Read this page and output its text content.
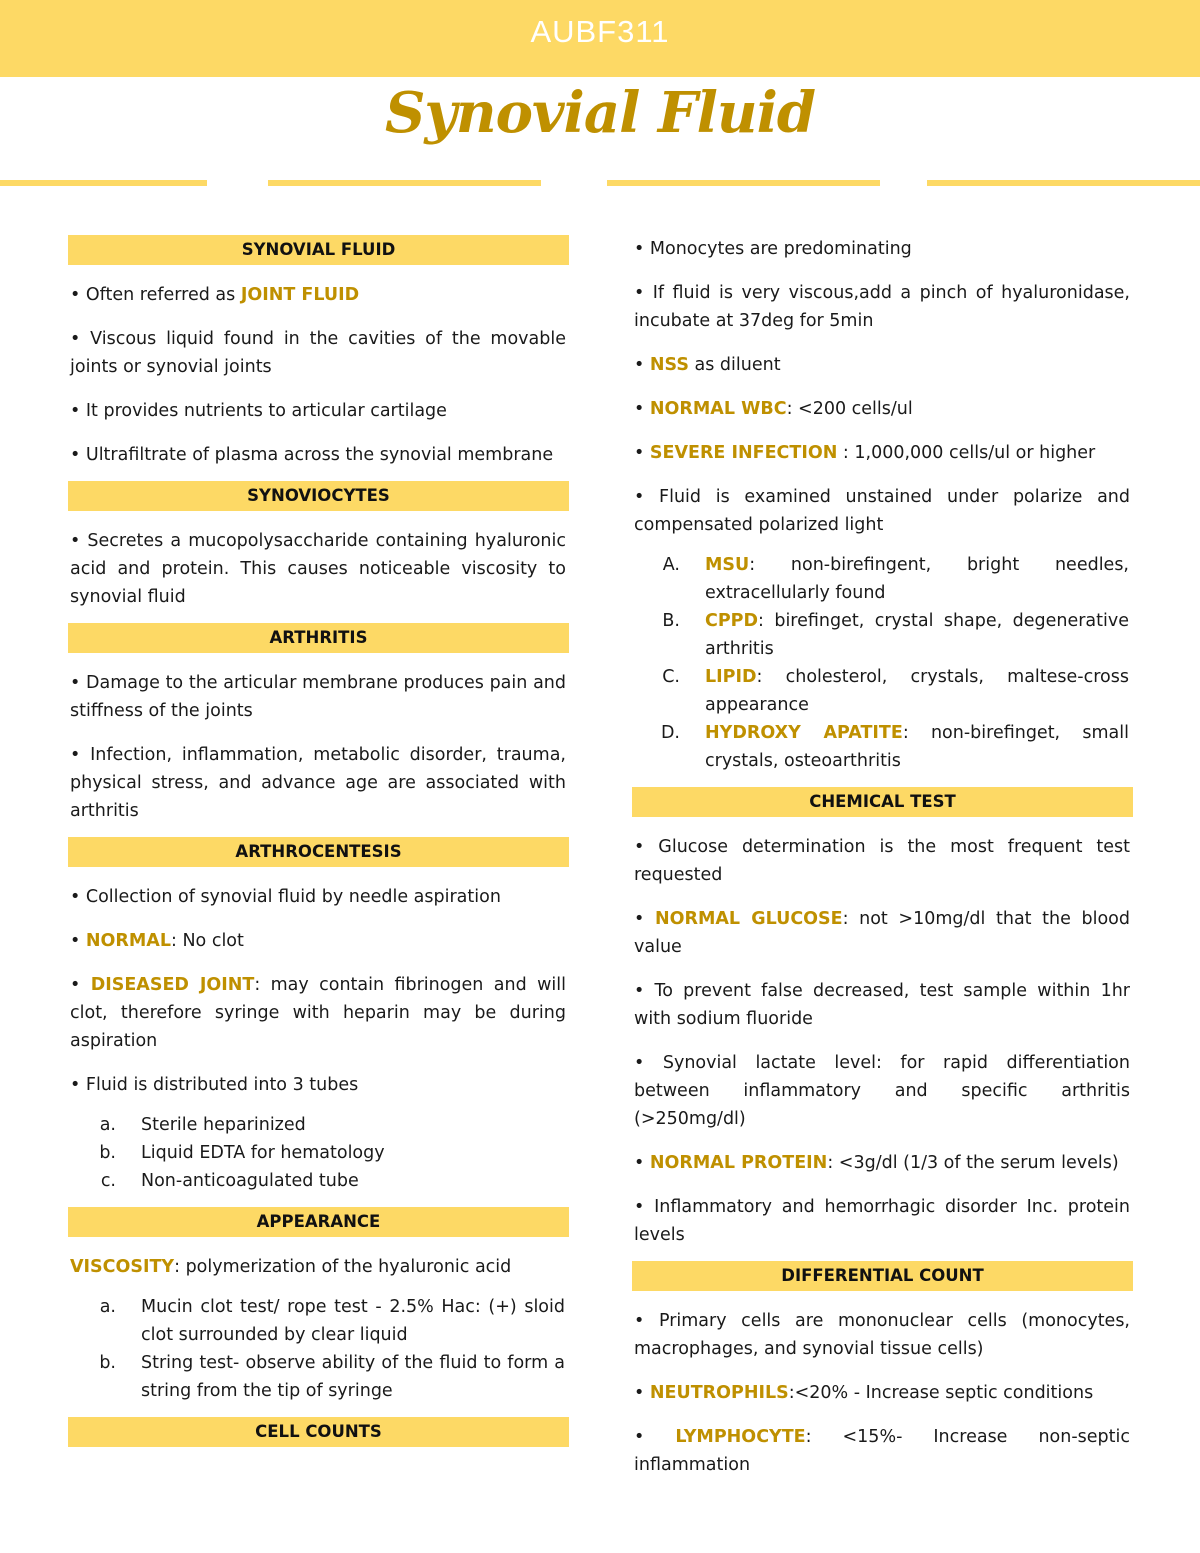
AUBF311
Synovial Fluid
SYNOVIAL FLUID
• Often referred as JOINT FLUID
• Viscous liquid found in the cavities of the movable joints or synovial joints
• It provides nutrients to articular cartilage
• Ultrafiltrate of plasma across the synovial membrane
SYNOVIOCYTES
• Secretes a mucopolysaccharide containing hyaluronic acid and protein. This causes noticeable viscosity to synovial fluid
ARTHRITIS
• Damage to the articular membrane produces pain and stiffness of the joints
• Infection, inflammation, metabolic disorder, trauma, physical stress, and advance age are associated with arthritis
ARTHROCENTESIS
• Collection of synovial fluid by needle aspiration
• NORMAL: No clot
• DISEASED JOINT: may contain fibrinogen and will clot, therefore syringe with heparin may be during aspiration
• Fluid is distributed into 3 tubes
a.	Sterile heparinized
b.	Liquid EDTA for hematology
c.	Non-anticoagulated tube
APPEARANCE
VISCOSITY: polymerization of the hyaluronic acid
a.	Mucin clot test/ rope test - 2.5% Hac: (+) sloid clot surrounded by clear liquid
b.	String test- observe ability of the fluid to form a string from the tip of syringe
CELL COUNTS
• Monocytes are predominating
• If fluid is very viscous,add a pinch of hyaluronidase, incubate at 37deg for 5min
• NSS as diluent
• NORMAL WBC: <200 cells/ul
• SEVERE INFECTION : 1,000,000 cells/ul or higher
• Fluid is examined unstained under polarize and compensated polarized light
A.	MSU: non-birefingent, bright needles, extracellularly found
B.	CPPD: birefinget, crystal shape, degenerative arthritis
C.	LIPID: cholesterol, crystals, maltese-cross appearance
D.	HYDROXY APATITE: non-birefinget, small crystals, osteoarthritis
CHEMICAL TEST
• Glucose determination is the most frequent test requested
• NORMAL GLUCOSE: not >10mg/dl that the blood value
• To prevent false decreased, test sample within 1hr with sodium fluoride
• Synovial lactate level: for rapid differentiation between inflammatory and specific arthritis (>250mg/dl)
• NORMAL PROTEIN: <3g/dl (1/3 of the serum levels)
• Inflammatory and hemorrhagic disorder Inc. protein levels
DIFFERENTIAL COUNT
• Primary cells are mononuclear cells (monocytes, macrophages, and synovial tissue cells)
• NEUTROPHILS:<20% - Increase septic conditions
• LYMPHOCYTE: <15%- Increase non-septic inflammation
